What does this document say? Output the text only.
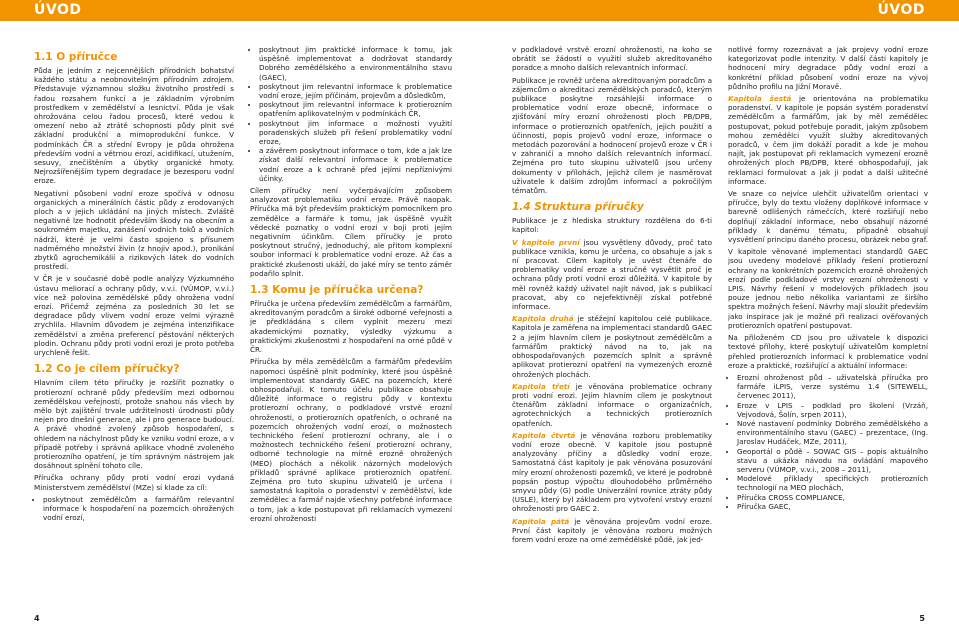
ÚVOD	ÚVOD
1.1 O příručce

Půda je jedním z nejcennějších přírodních bohatství každého státu a neobnovitelným přírodním zdrojem. Představuje významnou složku životního prostředí s řadou rozsahem funkcí a je základním výrobním prostředkem v zemědělství a lesnictví. Půda je však ohrožována celou řadou procesů, které vedou k omezení nebo až ztrátě schopnosti půdy plnit své základní produkční a mimoprodukční funkce. V podmínkách ČR a střední Evropy je půda ohrožena především vodní a větrnou erozí, acidifikací, utužením, sesuvy, znečištěním a úbytky organické hmoty. Nejrozšířenějším typem degradace je bezesporu vodní eroze.

Negativní působení vodní eroze spočívá v odnosu organických a minerálních částic půdy z erodovaných ploch a v jejich ukládání na jiných místech. Zvláště negativně lze hodnotit především škody na obecním a soukromém majetku, zanášení vodních toků a vodních nádrží, které je velmi často spojeno s přísunem nadměrného množství živin (z hnojiv apod.), pronikání zbytků agrochemikálií a rizikových látek do vodních prostředí.

V ČR je v současné době podle analýzy Výzkumného ústavu meliorací a ochrany půdy, v.v.i. (VÚMOP, v.v.i.) více než polovina zemědělské půdy ohrožena vodní erozí. Přičemž zejména za posledních 30 let se degradace půdy vlivem vodní eroze velmi výrazně zrychlila. Hlavním důvodem je zejména intenzifikace zemědělství a změna preferencí pěstování některých plodin. Ochranu půdy proti vodní erozi je proto potřeba urychleně řešit.

1.2 Co je cílem příručky?

Hlavním cílem této příručky je rozšířit poznatky o protierozní ochraně půdy především mezi odbornou zemědělskou veřejností, protože snahou nás všech by mělo být zajištění trvale udržitelnosti úrodnosti půdy nejen pro dnešní generace, ale i pro generace budoucí. A právě vhodně zvolený způsob hospodaření, s ohledem na náchylnost půdy ke vzniku vodní eroze, a v případě potřeby i správná aplikace vhodně zvoleného protierozního opatření, je tím správným nástrojem jak dosáhnout splnění tohoto cíle.

Příručka ochrany půdy proti vodní erozi vydaná Ministerstvem zemědělství (MZe) si klade za cíl:

• poskytnout zemědělcům a farmářům relevantní informace k hospodaření na pozemcích ohrožených vodní erozí,
• poskytnout jim praktické informace k tomu, jak úspěšně implementovat a dodržovat standardy Dobrého zemědělského a environmentálního stavu (GAEC),
• poskytnout jim relevantní informace k problematice vodní eroze, jejím příčinám, projevům a důsledkům,
• poskytnout jim relevantní informace k protierozním opatřením aplikovatelným v podmínkách ČR,
• poskytnout jim informace o možnosti využití poradenských služeb při řešení problematiky vodní eroze,
• a závěrem poskytnout informace o tom, kde a jak lze získat další relevantní informace k problematice vodní eroze a k ochraně před jejími nepříznivými účinky.

Cílem příručky není vyčerpávajícím způsobem analyzovat problematiku vodní eroze. Právě naopak. Příručka má být především praktickým pomocníkem pro zemědělce a farmáře k tomu, jak úspěšně využít vědecké poznatky o vodní erozi v boji proti jejím negativním účinkům. Cílem příručky je proto poskytnout stručný, jednoduchý, ale přitom komplexní soubor informací k problematice vodní eroze. Až čas a praktické zkušenosti ukáží, do jaké míry se tento záměr podařilo splnit.

1.3 Komu je příručka určena?

Příručka je určena především zemědělcům a farmářům, akreditovaným poradcům a široké odborné veřejnosti a je předkládána s cílem vyplnit mezeru mezi akademickými poznatky, výsledky výzkumu a praktickými zkušenostmi z hospodaření na orné půdě v ČR.

Příručka by měla zemědělcům a farmářům především napomoci úspěšně plnit podmínky, které jsou úspěšně implementovat standardy GAEC na pozemcích, které obhospodařují. K tomuto účelu publikace obsahuje důležité informace o registru půdy v kontextu protierozní ochrany, o podkladové vrstvě erozní ohroženosti, o protierozních opatřeních, o ochraně na pozemcích ohrožených vodní erozí, o možnostech technického řešení protierozní ochrany, ale i o možnostech technického řešení protierozní ochrany, odborné technologie na mírně erozně ohrožených (MEO) plochách a několik názorných modelových příkladů správné aplikace protierozních opatření. Zejména pro tuto skupinu uživatelů je určena i samostatná kapitola o poradenství v zemědělství, kde zemědělec a farmář najde všechny potřebné informace o tom, jak a kde postupovat při reklamacích vymezení erozní ohroženosti

v podkladové vrstvě erozní ohroženosti, na koho se obrátit se žádostí o využití služeb akreditovaného poradce a mnoho dalších relevantních informací.

Publikace je rovněž určena akreditovaným poradcům a zájemcům o akreditaci zemědělských poradců, kterým publikace poskytne rozsáhlejší informace o problematice vodní eroze obecně, informace o zjišťování míry erozní ohroženosti ploch PB/DPB, informace o protierozních opatřeních, jejich použití a účinnosti, popis projevů vodní eroze, informace o metodách pozorování a hodnocení projevů eroze v ČR i v zahraničí a mnoho dalších relevantních informací. Zejména pro tuto skupinu uživatelů jsou určeny dokumenty v přílohách, jejichž cílem je nasměrovat uživatele k dalším zdrojům informací a pokročilým tématům.

1.4 Struktura příručky

Publikace je z hlediska struktury rozdělena do 6-ti kapitol:

V kapitole první jsou vysvětleny důvody, proč tato publikace vznikla, komu je určena, co obsahuje a jak s ní pracovat. Cílem kapitoly je uvést čtenáře do problematiky vodní eroze a stručně vysvětlit proč je ochrana půdy proti vodní erozi důležitá. V kapitole by měl rovněž každý uživatel najít návod, jak s publikací pracovat, aby co nejefektivněji získal potřebné informace.

Kapitola druhá je stěžejní kapitolou celé publikace. Kapitola je zaměřena na implementaci standardů GAEC 2 a jejím hlavním cílem je poskytnout zemědělcům a farmářům praktický návod na to, jak na obhospodařovaných pozemcích splnit a správně aplikovat protierozní opatření na vymezených erozně ohrožených plochách.

Kapitola třetí je věnována problematice ochrany proti vodní erozi. Jejím hlavním cílem je poskytnout čtenářům základní informace o organizačních, agrotechnických a technických protierozních opatřeních.

Kapitola čtvrtá je věnována rozboru problematiky vodní eroze obecně. V kapitole jsou postupně analyzovány příčiny a důsledky vodní eroze. Samostatná část kapitoly je pak věnována posuzování míry erozní ohroženosti pozemků, ve které je podrobně popsán postup výpočtu dlouhodobého průměrného smyvu půdy (G) podle Univerzální rovnice ztráty půdy (USLE), který byl základem pro vytvoření vrstvy erozní ohroženosti pro GAEC 2.

Kapitola pátá je věnována projevům vodní eroze. První část kapitoly je věnována rozboru možných forem vodní eroze na orné zemědělské půdě, jak jed-

notlivé formy rozeznávat a jak projevy vodní eroze kategorizovat podle intenzity. V další části kapitoly je hodnocení míry degradace půdy vodní erozí a konkrétní příklad působení vodní eroze na vývoj půdního profilu na Jižní Moravě.

Kapitola šestá je orientována na problematiku poradenství. V kapitole je popsán systém poradenství zemědělcům a farmářům, jak by měl zemědělec postupovat, pokud potřebuje poradit, jakým způsobem mohou zemědělci využít služby akreditovaných poradců, v čem jim dokáží poradit a kde je mohou najít, jak postupovat při reklamacích vymezení erozně ohrožených ploch PB/DPB, které obhospodařují, jak reklamaci formulovat a jak ji podat a další užitečné informace.

Ve snaze co nejvíce ulehčit uživatelům orientaci v příručce, byly do textu vloženy doplňkové informace v barevně odlišených rámečcích, které rozšiřují nebo doplňují základní informace, nebo obsahují názorné příklady k danému tématu, případně obsahují vysvětlení principu daného procesu, obrázek nebo graf.

V kapitole věnované implementaci standardů GAEC jsou uvedeny modelové příklady řešení protierozní ochrany na konkrétních pozemcích erozně ohrožených erozí podle podkladové vrstvy erozní ohroženosti v LPIS. Návrhy řešení v modelových příkladech jsou pouze jednou nebo několika variantami ze širšího spektra možných řešení. Návrhy mají sloužit především jako inspirace jak je možné při realizaci ověřovaných protierozních opatření postupovat.

Na přiloženém CD jsou pro uživatele k dispozici textové přílohy, které poskytují uživatelům kompletní přehled protierozních informací k problematice vodní eroze a praktické, rozšiřující a aktuální informace:

• Erozní ohroženost půd – uživatelská příručka pro farmáře iLPIS, verze systému 1.4 (SITEWELL, červenec 2011),
• Eroze v LPIS – podklad pro školení (Vrzáň, Vejvodová, Šolín, srpen 2011),
• Nové nastavení podmínky Dobrého zemědělského a environmentálního stavu (GAEC) – prezentace, (Ing. Jaroslav Hudáček, MZe, 2011),
• Geoportál o půdě – SOWAC GIS – popis aktuálního stavu a ukázka návodu na ovládání mapového serveru (VÚMOP, v.v.i., 2008 – 2011),
• Modelové příklady specifických protierozních technologií na MEO plochách,
• Příručka CROSS COMPLIANCE,
• Příručka GAEC,
4	5
